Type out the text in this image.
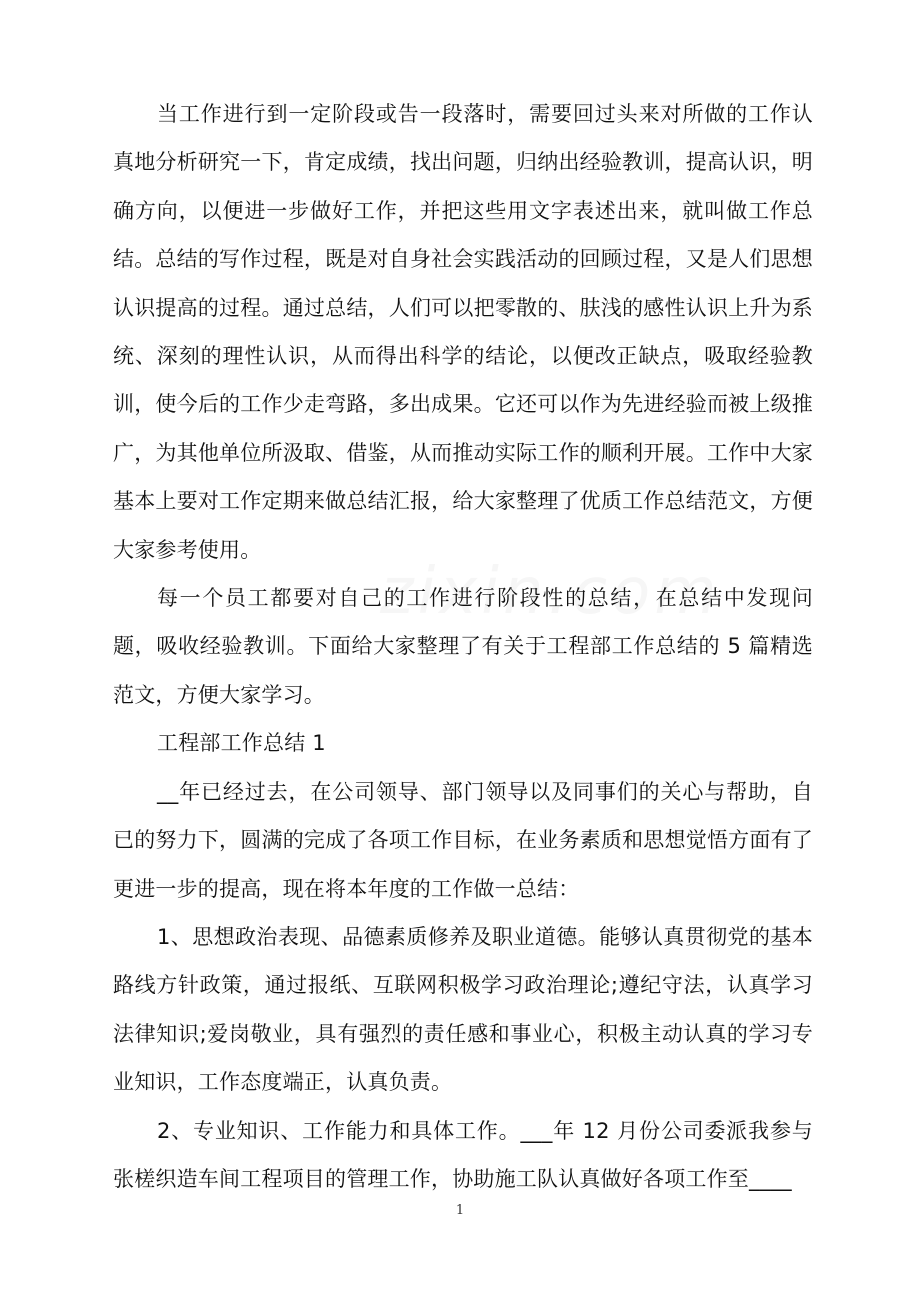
当工作进行到一定阶段或告一段落时，需要回过头来对所做的工作认真地分析研究一下，肯定成绩，找出问题，归纳出经验教训，提高认识，明确方向，以便进一步做好工作，并把这些用文字表述出来，就叫做工作总结。总结的写作过程，既是对自身社会实践活动的回顾过程，又是人们思想认识提高的过程。通过总结，人们可以把零散的、肤浅的感性认识上升为系统、深刻的理性认识，从而得出科学的结论，以便改正缺点，吸取经验教训，使今后的工作少走弯路，多出成果。它还可以作为先进经验而被上级推广，为其他单位所汲取、借鉴，从而推动实际工作的顺利开展。工作中大家基本上要对工作定期来做总结汇报，给大家整理了优质工作总结范文，方便大家参考使用。

每一个员工都要对自己的工作进行阶段性的总结，在总结中发现问题，吸收经验教训。下面给大家整理了有关于工程部工作总结的 5 篇精选范文，方便大家学习。

工程部工作总结 1

__年已经过去，在公司领导、部门领导以及同事们的关心与帮助，自已的努力下，圆满的完成了各项工作目标，在业务素质和思想觉悟方面有了更进一步的提高，现在将本年度的工作做一总结：

1、思想政治表现、品德素质修养及职业道德。能够认真贯彻党的基本路线方针政策，通过报纸、互联网积极学习政治理论;遵纪守法，认真学习法律知识;爱岗敬业，具有强烈的责任感和事业心，积极主动认真的学习专业知识，工作态度端正，认真负责。

2、专业知识、工作能力和具体工作。___年 12 月份公司委派我参与张槎织造车间工程项目的管理工作，协助施工队认真做好各项工作至____

1
